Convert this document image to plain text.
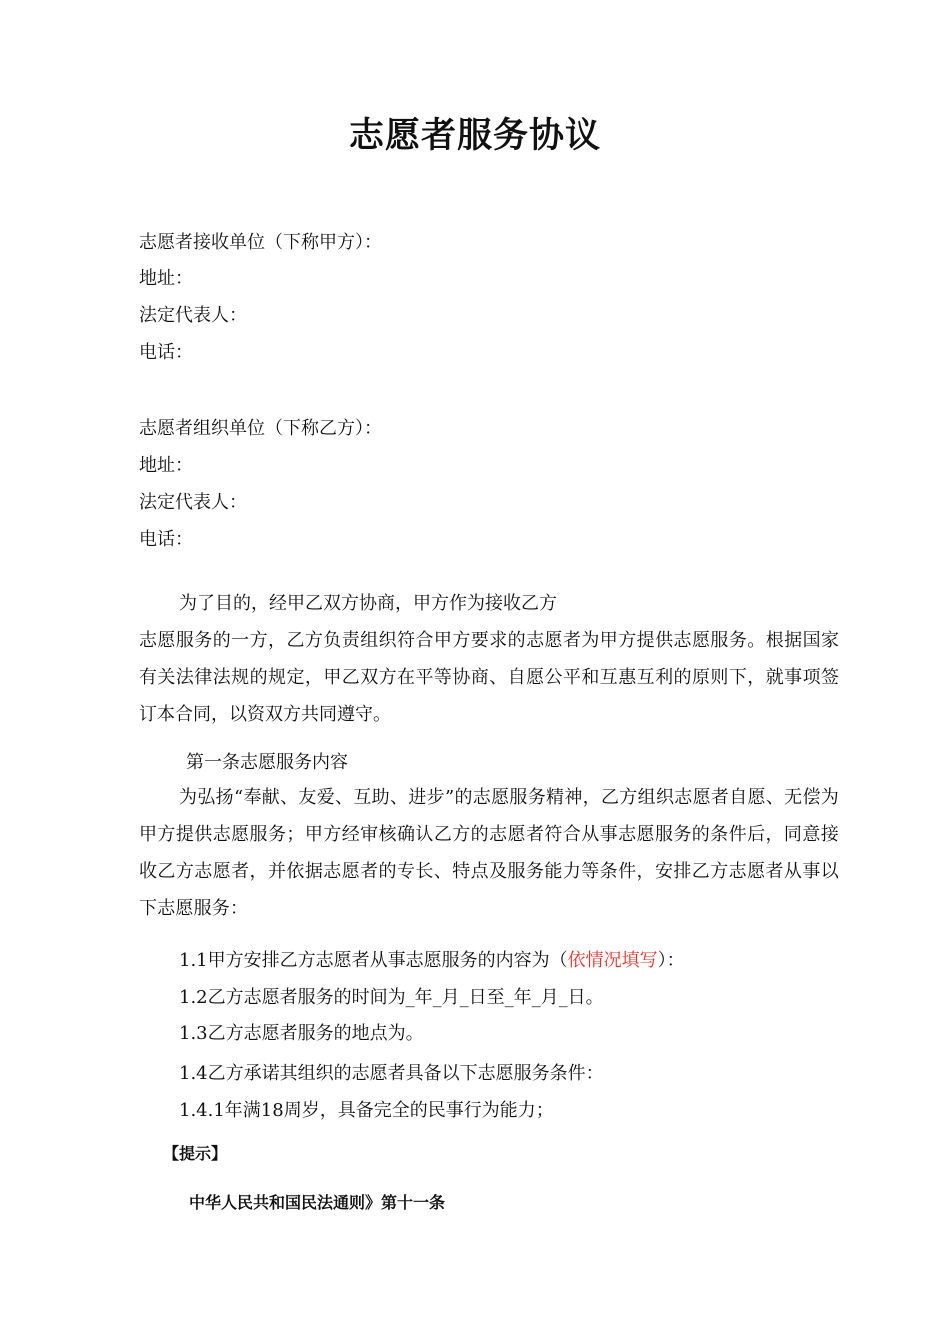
志愿者服务协议
志愿者接收单位（下称甲方）：
地址：
法定代表人：
电话：
志愿者组织单位（下称乙方）：
地址：
法定代表人：
电话：
为了目的，经甲乙双方协商，甲方作为接收乙方
志愿服务的一方，乙方负责组织符合甲方要求的志愿者为甲方提供志愿服务。根据国家有关法律法规的规定，甲乙双方在平等协商、自愿公平和互惠互利的原则下，就事项签订本合同，以资双方共同遵守。
第一条志愿服务内容
为弘扬“奉献、友爱、互助、进步”的志愿服务精神，乙方组织志愿者自愿、无偿为甲方提供志愿服务；甲方经审核确认乙方的志愿者符合从事志愿服务的条件后，同意接收乙方志愿者，并依据志愿者的专长、特点及服务能力等条件，安排乙方志愿者从事以下志愿服务：
1.1甲方安排乙方志愿者从事志愿服务的内容为（依情况填写）：
1.2乙方志愿者服务的时间为_年_月_日至_年_月_日。
1.3乙方志愿者服务的地点为。
1.4乙方承诺其组织的志愿者具备以下志愿服务条件：
1.4.1年满18周岁，具备完全的民事行为能力；
【提示】
中华人民共和国民法通则》第十一条
